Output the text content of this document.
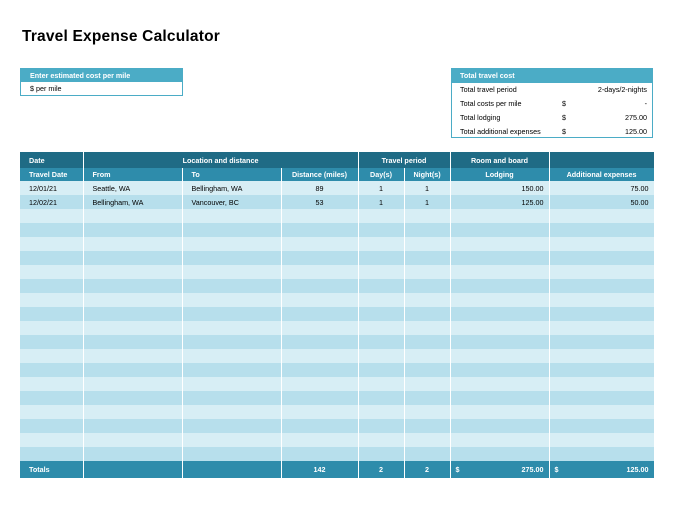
Travel Expense Calculator
Enter estimated cost per mile
$ per mile
Total travel cost
Total travel period	2-days/2-nights
Total costs per mile	$	-
Total lodging	$	275.00
Total additional expenses	$	125.00
Date	Location and distance			Travel period		Room and board	
Travel Date	From	To	Distance (miles)	Day(s)	Night(s)	Lodging	Additional expenses
12/01/21	Seattle, WA	Bellingham, WA	89	1	1	150.00	75.00
12/02/21	Bellingham, WA	Vancouver, BC	53	1	1	125.00	50.00

Totals			142	2	2	$ 275.00	$ 125.00
